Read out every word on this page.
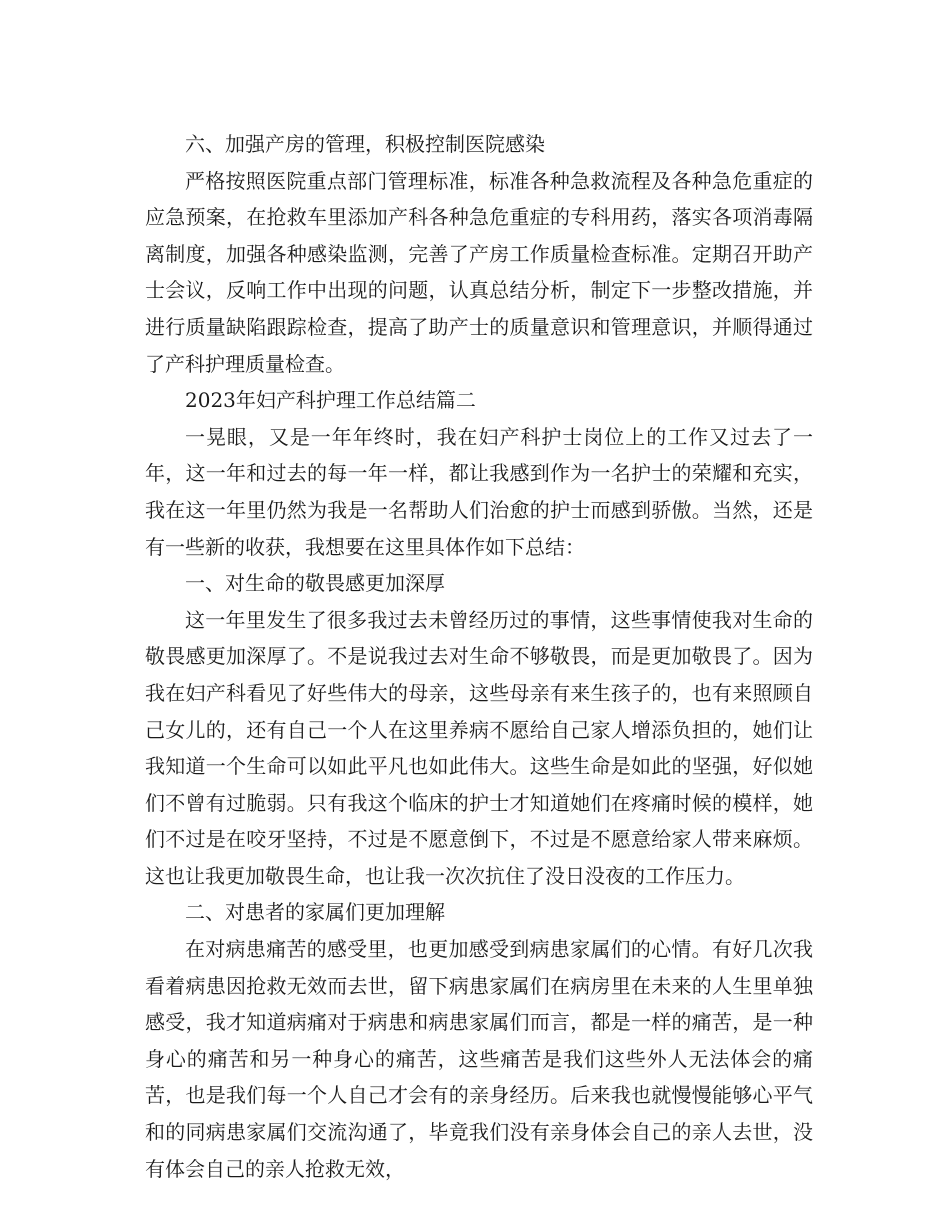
六、加强产房的管理，积极控制医院感染

严格按照医院重点部门管理标准，标准各种急救流程及各种急危重症的应急预案，在抢救车里添加产科各种急危重症的专科用药，落实各项消毒隔离制度，加强各种感染监测，完善了产房工作质量检查标准。定期召开助产士会议，反响工作中出现的问题，认真总结分析，制定下一步整改措施，并进行质量缺陷跟踪检查，提高了助产士的质量意识和管理意识，并顺得通过了产科护理质量检查。

2023年妇产科护理工作总结篇二

一晃眼，又是一年年终时，我在妇产科护士岗位上的工作又过去了一年，这一年和过去的每一年一样，都让我感到作为一名护士的荣耀和充实，我在这一年里仍然为我是一名帮助人们治愈的护士而感到骄傲。当然，还是有一些新的收获，我想要在这里具体作如下总结：

一、对生命的敬畏感更加深厚

这一年里发生了很多我过去未曾经历过的事情，这些事情使我对生命的敬畏感更加深厚了。不是说我过去对生命不够敬畏，而是更加敬畏了。因为我在妇产科看见了好些伟大的母亲，这些母亲有来生孩子的，也有来照顾自己女儿的，还有自己一个人在这里养病不愿给自己家人增添负担的，她们让我知道一个生命可以如此平凡也如此伟大。这些生命是如此的坚强，好似她们不曾有过脆弱。只有我这个临床的护士才知道她们在疼痛时候的模样，她们不过是在咬牙坚持，不过是不愿意倒下，不过是不愿意给家人带来麻烦。这也让我更加敬畏生命，也让我一次次抗住了没日没夜的工作压力。

二、对患者的家属们更加理解

在对病患痛苦的感受里，也更加感受到病患家属们的心情。有好几次我看着病患因抢救无效而去世，留下病患家属们在病房里在未来的人生里单独感受，我才知道病痛对于病患和病患家属们而言，都是一样的痛苦，是一种身心的痛苦和另一种身心的痛苦，这些痛苦是我们这些外人无法体会的痛苦，也是我们每一个人自己才会有的亲身经历。后来我也就慢慢能够心平气和的同病患家属们交流沟通了，毕竟我们没有亲身体会自己的亲人去世，没有体会自己的亲人抢救无效，
